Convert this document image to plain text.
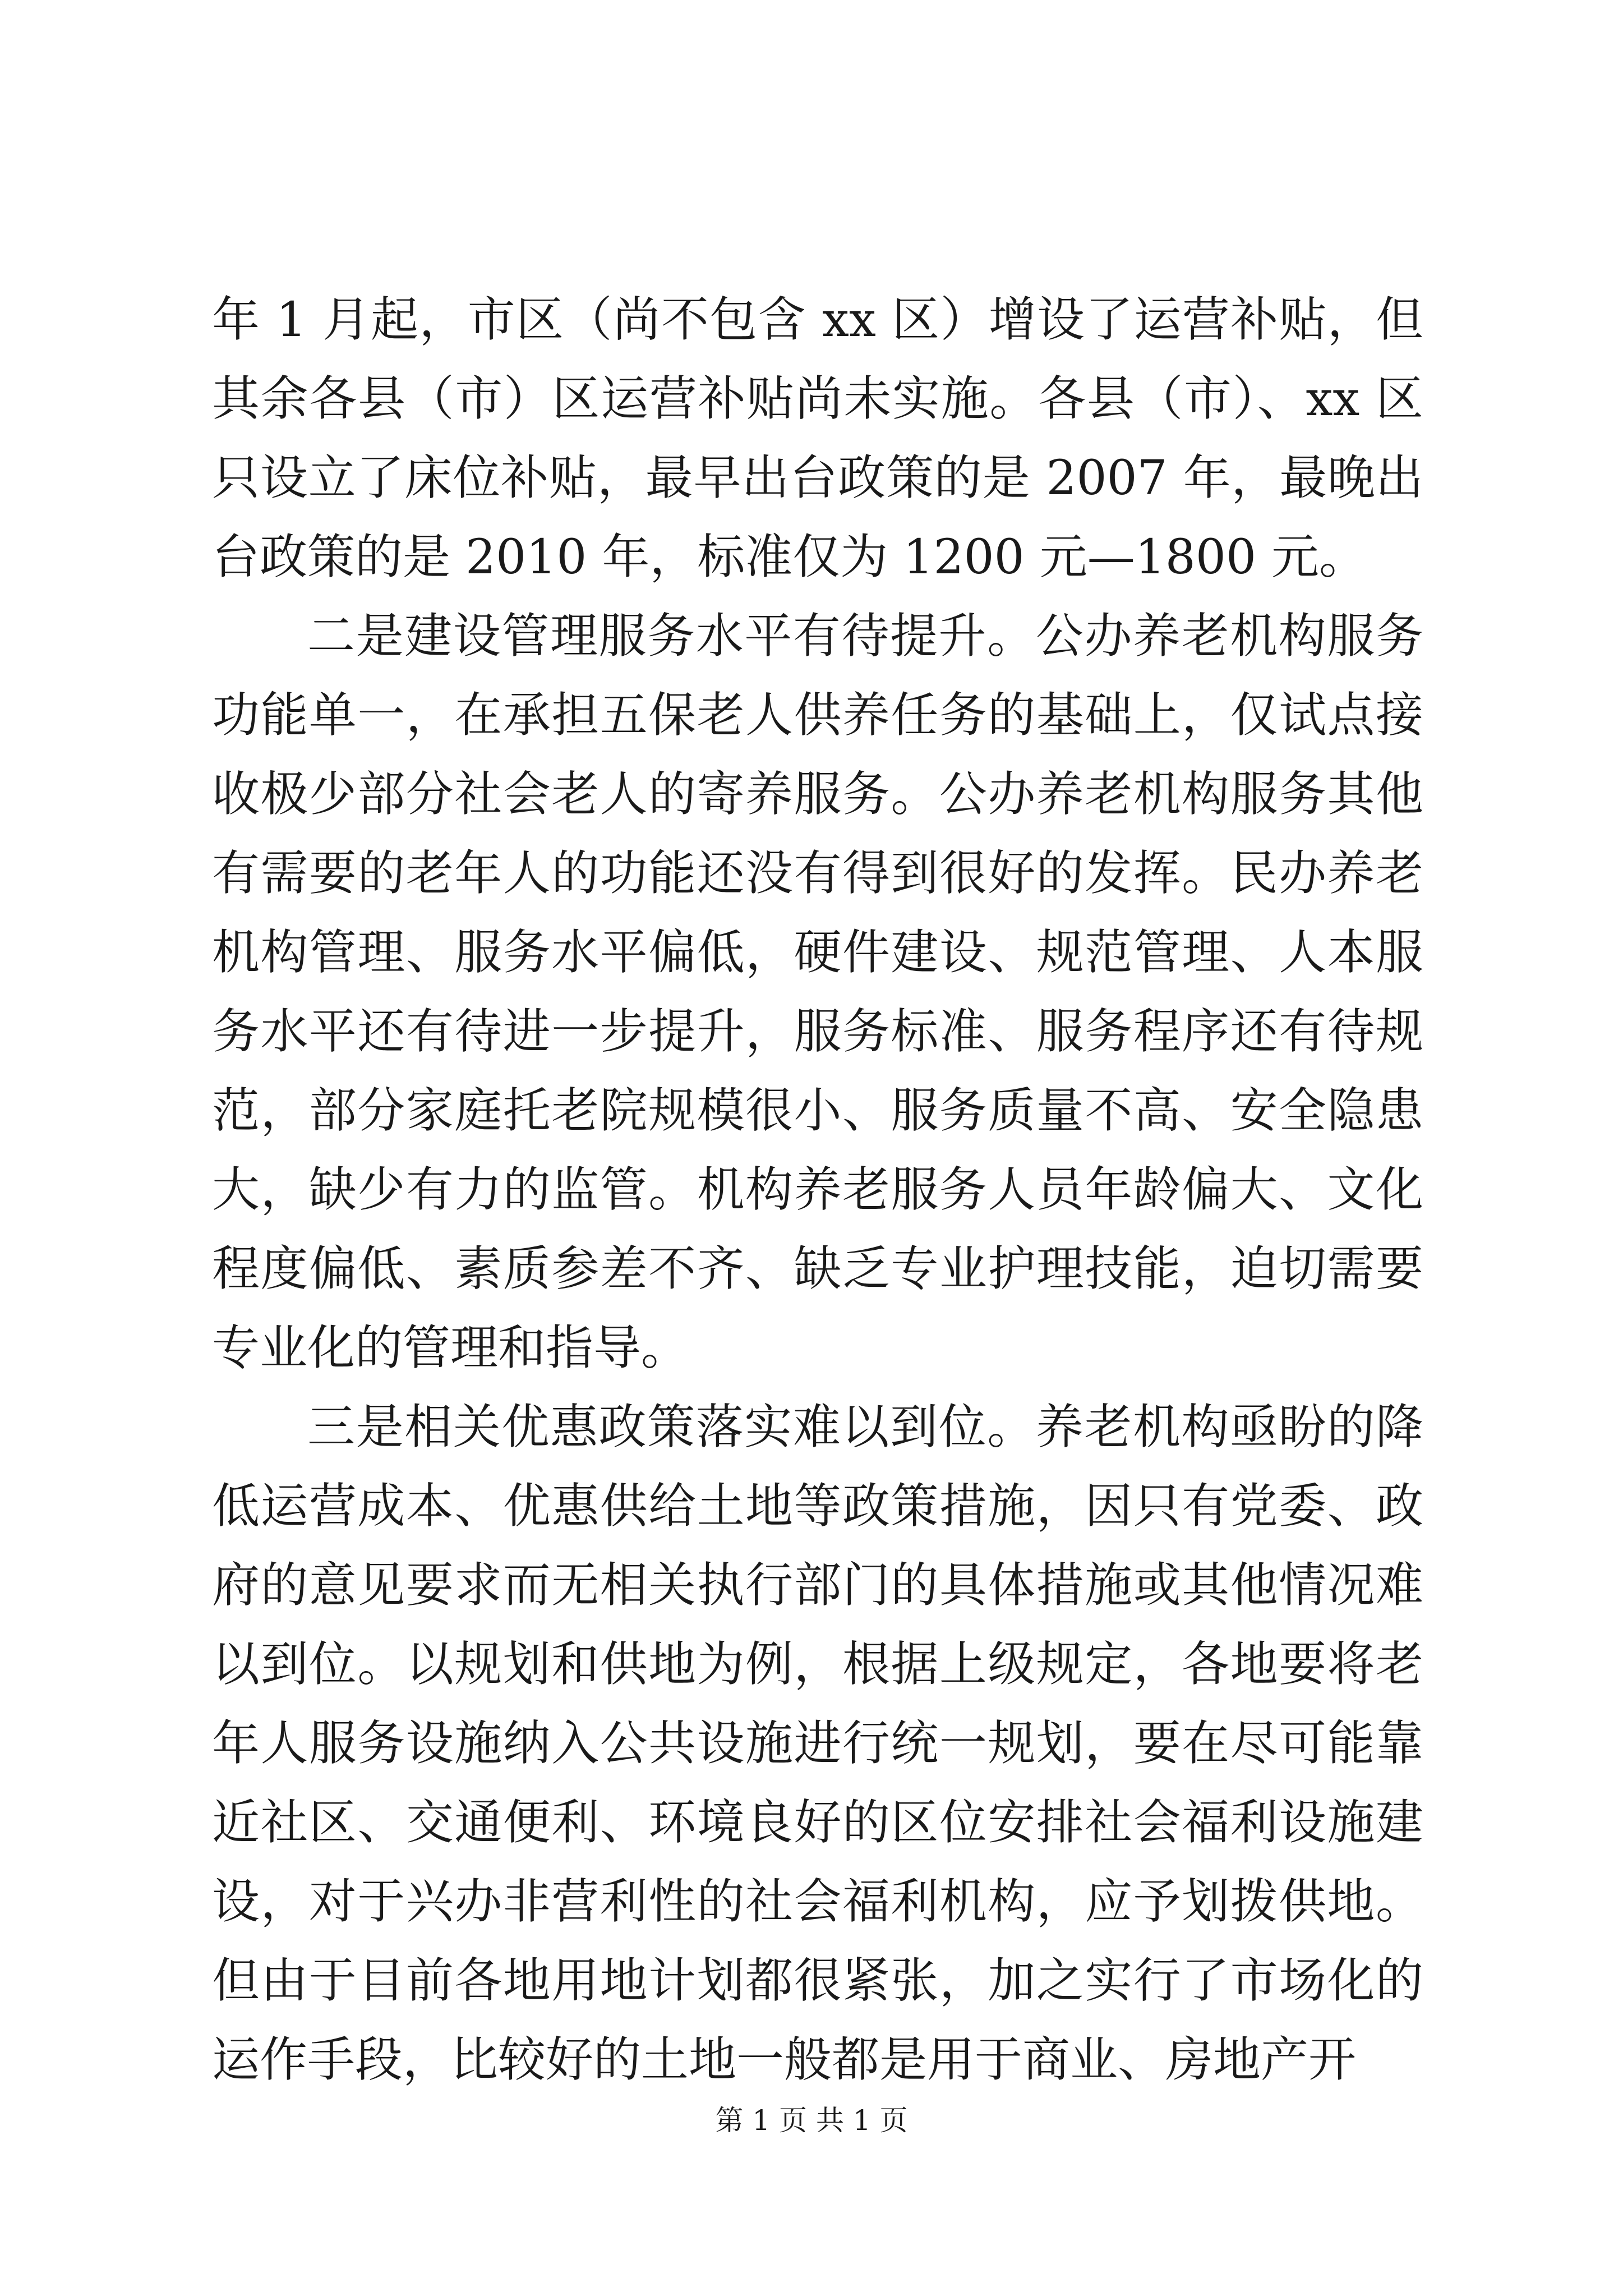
年 1 月起，市区（尚不包含 xx 区）增设了运营补贴，但其余各县（市）区运营补贴尚未实施。各县（市）、xx 区只设立了床位补贴，最早出台政策的是 2007 年，最晚出台政策的是 2010 年，标准仅为 1200 元—1800 元。

二是建设管理服务水平有待提升。公办养老机构服务功能单一，在承担五保老人供养任务的基础上，仅试点接收极少部分社会老人的寄养服务。公办养老机构服务其他有需要的老年人的功能还没有得到很好的发挥。民办养老机构管理、服务水平偏低，硬件建设、规范管理、人本服务水平还有待进一步提升，服务标准、服务程序还有待规范，部分家庭托老院规模很小、服务质量不高、安全隐患大，缺少有力的监管。机构养老服务人员年龄偏大、文化程度偏低、素质参差不齐、缺乏专业护理技能，迫切需要专业化的管理和指导。

三是相关优惠政策落实难以到位。养老机构亟盼的降低运营成本、优惠供给土地等政策措施，因只有党委、政府的意见要求而无相关执行部门的具体措施或其他情况难以到位。以规划和供地为例，根据上级规定，各地要将老年人服务设施纳入公共设施进行统一规划，要在尽可能靠近社区、交通便利、环境良好的区位安排社会福利设施建设，对于兴办非营利性的社会福利机构，应予划拨供地。但由于目前各地用地计划都很紧张，加之实行了市场化的运作手段，比较好的土地一般都是用于商业、房地产开

第 1 页 共 1 页
